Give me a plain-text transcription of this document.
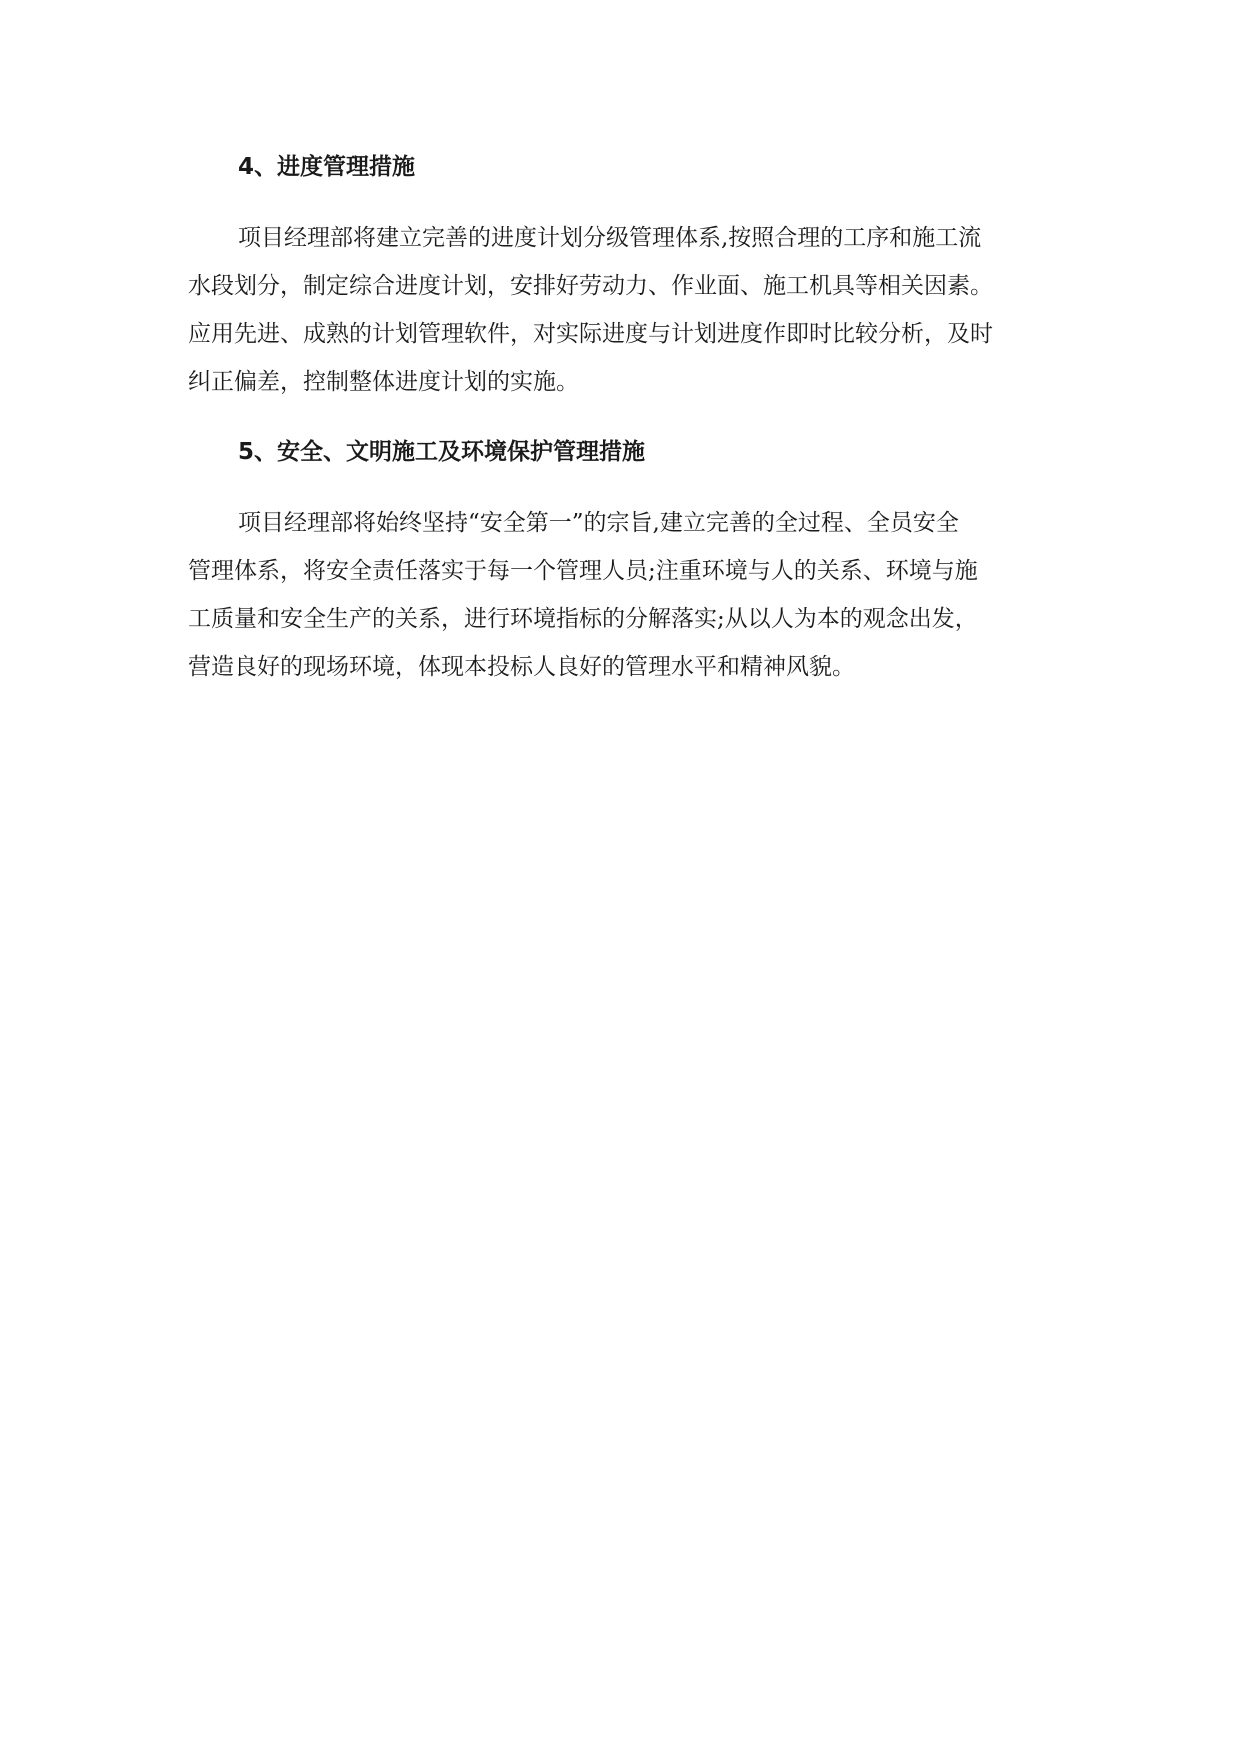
4、进度管理措施
项目经理部将建立完善的进度计划分级管理体系,按照合理的工序和施工流
水段划分，制定综合进度计划，安排好劳动力、作业面、施工机具等相关因素。
应用先进、成熟的计划管理软件，对实际进度与计划进度作即时比较分析，及时
纠正偏差，控制整体进度计划的实施。
5、安全、文明施工及环境保护管理措施
项目经理部将始终坚持“安全第一”的宗旨,建立完善的全过程、全员安全
管理体系，将安全责任落实于每一个管理人员;注重环境与人的关系、环境与施
工质量和安全生产的关系，进行环境指标的分解落实;从以人为本的观念出发，
营造良好的现场环境，体现本投标人良好的管理水平和精神风貌。
